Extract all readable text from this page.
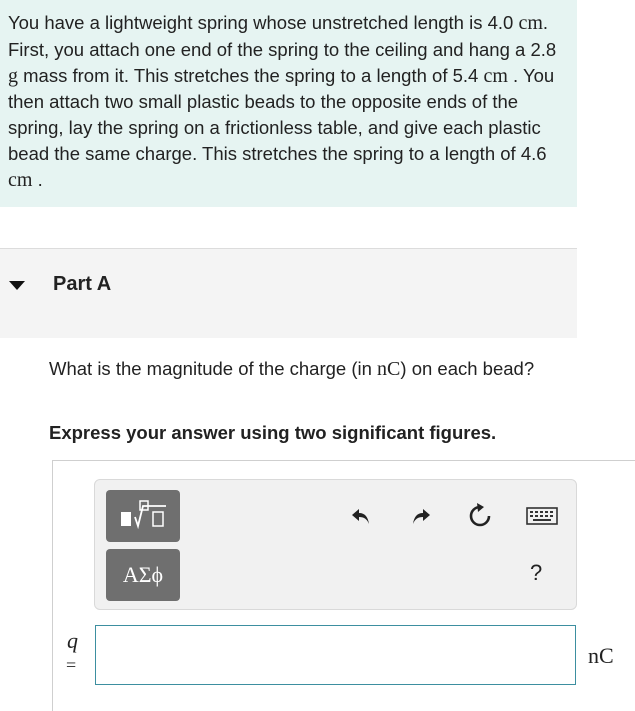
You have a lightweight spring whose unstretched length is 4.0 cm. First, you attach one end of the spring to the ceiling and hang a 2.8 g mass from it. This stretches the spring to a length of 5.4 cm . You then attach two small plastic beads to the opposite ends of the spring, lay the spring on a frictionless table, and give each plastic bead the same charge. This stretches the spring to a length of 4.6 cm .

Part A
What is the magnitude of the charge (in nC) on each bead?
Express your answer using two significant figures.
ΑΣϕ	?
q
=	nC
